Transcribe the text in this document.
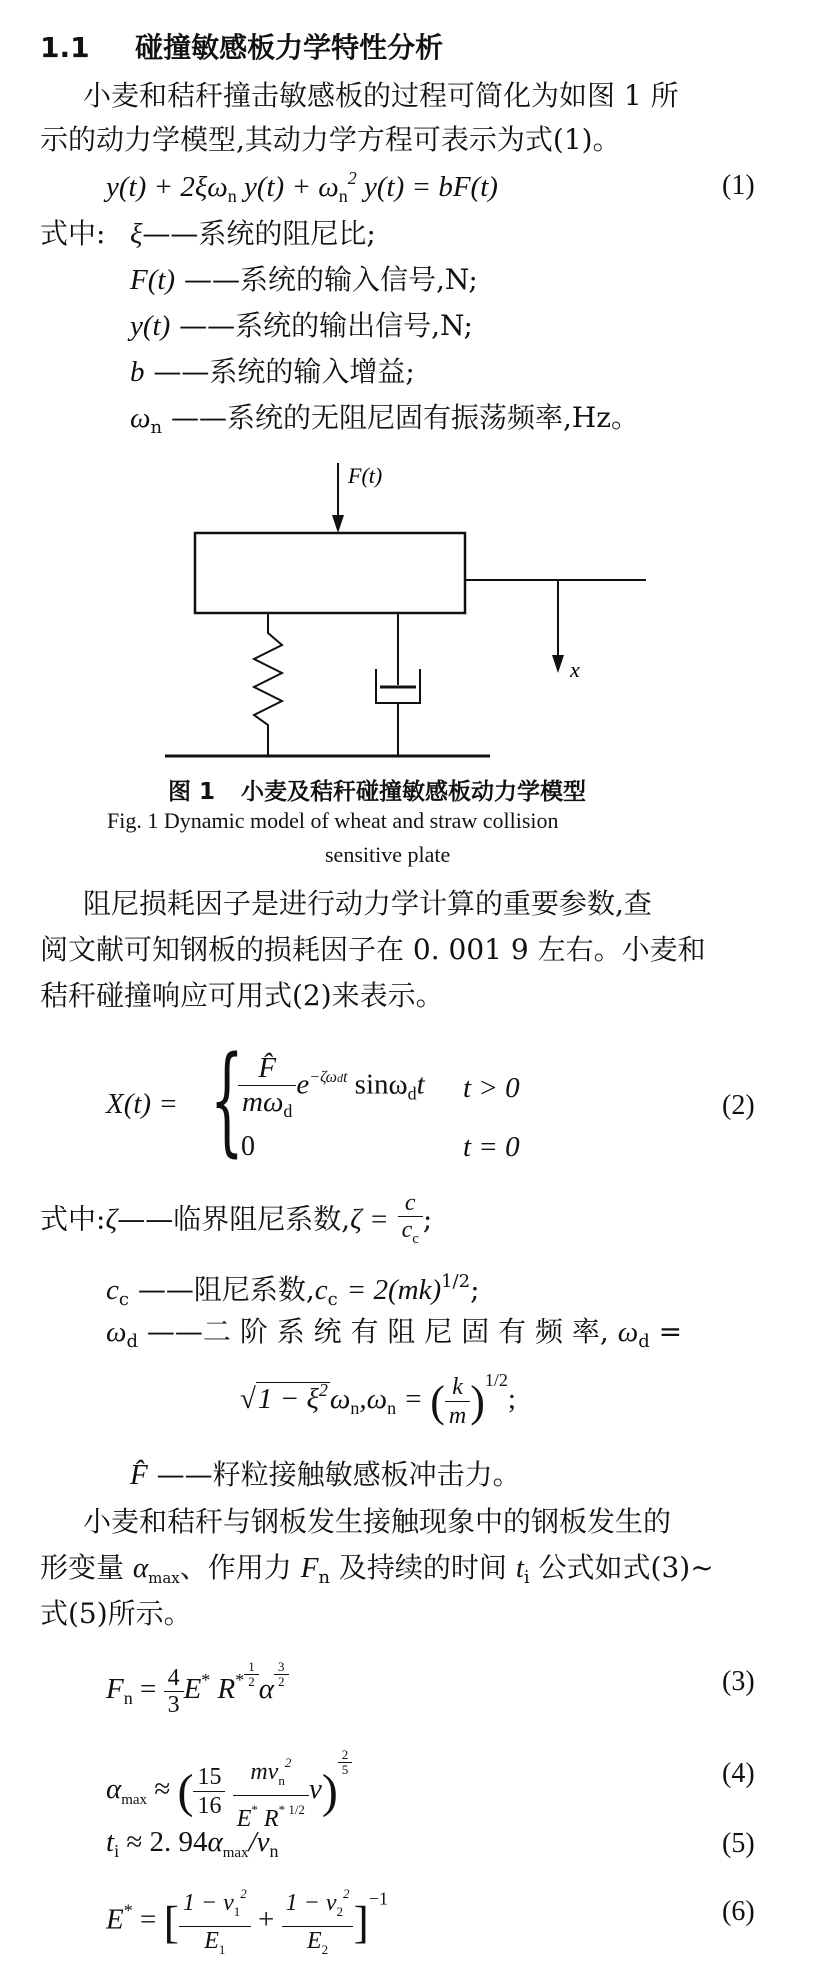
1.1 碰撞敏感板力学特性分析
小麦和秸秆撞击敏感板的过程可简化为如图 1 所
示的动力学模型,其动力学方程可表示为式(1)。
$y(t) + 2\xi\omega_n$ $y(t) + \omega_n^2$ y(t) = bF(t)	(1)
式中: ξ——系统的阻尼比;
F(t) ——系统的输入信号,N;
y(t) ——系统的输出信号,N;
b ——系统的输入增益;
$\omega_n$ ——系统的无阻尼固有振荡频率,Hz。
F(t)
x
图 1 小麦及秸秆碰撞敏感板动力学模型
Fig. 1 Dynamic model of wheat and straw collision
sensitive plate
阻尼损耗因子是进行动力学计算的重要参数,查
阅文献可知钢板的损耗因子在 0. 001 9 左右。小麦和
秸秆碰撞响应可用式(2)来表示。
X(t) = {
$\frac{F̂}{m\omega_d} e^{-\zeta\omega dt}$ sinω$_d$t t > 0
0	t = 0
(2)
式中:ζ——临界阻尼系数$,\zeta = \frac{c}{c_c}$ ;
$c_c$ ——阻尼系数$,c_c = 2(mk)^{1/2}$;
$\omega_d$ ——二 阶 系 统 有 阻 尼 固 有 频 率, $\omega_d$ =
$√1 - \xi^2\omega_n,\omega_n$ = ( $\frac{k}{m} )^{1/2}$;
F̂ ——籽粒接触敏感板冲击力。
小麦和秸秆与钢板发生接触现象中的钢板发生的
形变量 $\alpha_{max}$、作用力 $F_n$ 及持续的时间 $t_i$ 公式如式(3)~
式(5)所示。
$F_n = \frac{4}{3} E^*$ $R^* \frac{1}{2}$ α $\frac{3}{2}$	(3)
$\alpha_{max}$ ≈ ( $\frac{15}{16}$
$\frac{mv_n^2}{E^* R^{* 1/2}} v$)
$\frac{2}{5}$	(4)
$t_i \approx 2$. $94\alpha_{max}/v_n$	(5)
E* = [ $\frac{1 - v_1^2}{E_1} + \frac{1 - v_2^2}{E_2} ]^{-1}$	(6)
